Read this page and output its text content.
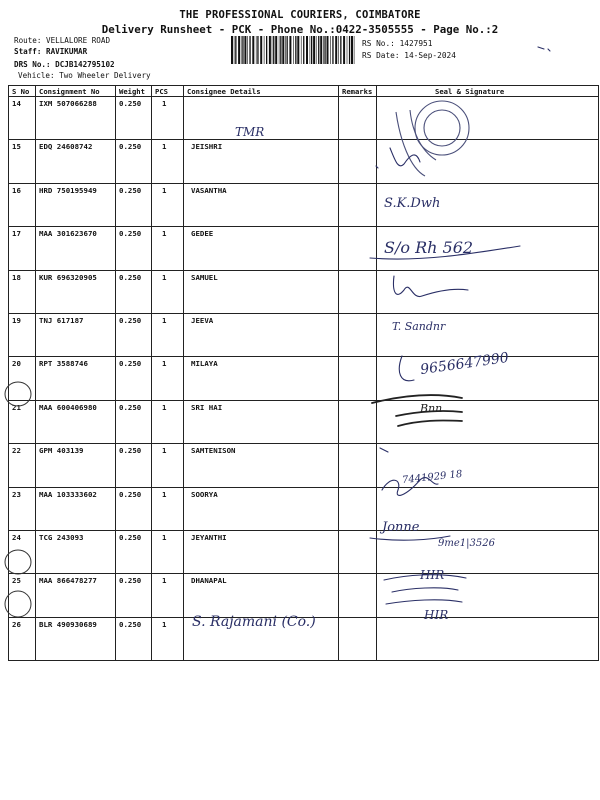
THE PROFESSIONAL COURIERS, COIMBATORE
Delivery Runsheet - PCK - Phone No.:0422-3505555 - Page No.:2
Route: VELLALORE ROAD
Staff: RAVIKUMAR
DRS No.: DCJB142795102
Vehicle: Two Wheeler Delivery
RS No.: 1427951
RS Date: 14-Sep-2024
S No	Consignment No	Weight	PCS	Consignee Details	Remarks	Seal & Signature
14	IXM 507066288	0.250	1			
15	EDQ 24608742	0.250	1	JEISHRI		
16	HRD 750195949	0.250	1	VASANTHA		
17	MAA 301623670	0.250	1	GEDEE		
18	KUR 696320905	0.250	1	SAMUEL		
19	TNJ 617187	0.250	1	JEEVA		
20	RPT 3588746	0.250	1	MILAYA		
21	MAA 600406980	0.250	1	SRI HAI		
22	GPM 403139	0.250	1	SAMTENISON		
23	MAA 103333602	0.250	1	SOORYA		
24	TCG 243093	0.250	1	JEYANTHI		
25	MAA 866478277	0.250	1	DHANAPAL		
26	BLR 490930689	0.250	1			
TMR
S.K.Dwh
S/o Rh 562
T. Sandnr
9656647990
Bnn
7441929 18
Jonne
9me1|3526
HIR
S. Rajamani (Co.)	HIR
